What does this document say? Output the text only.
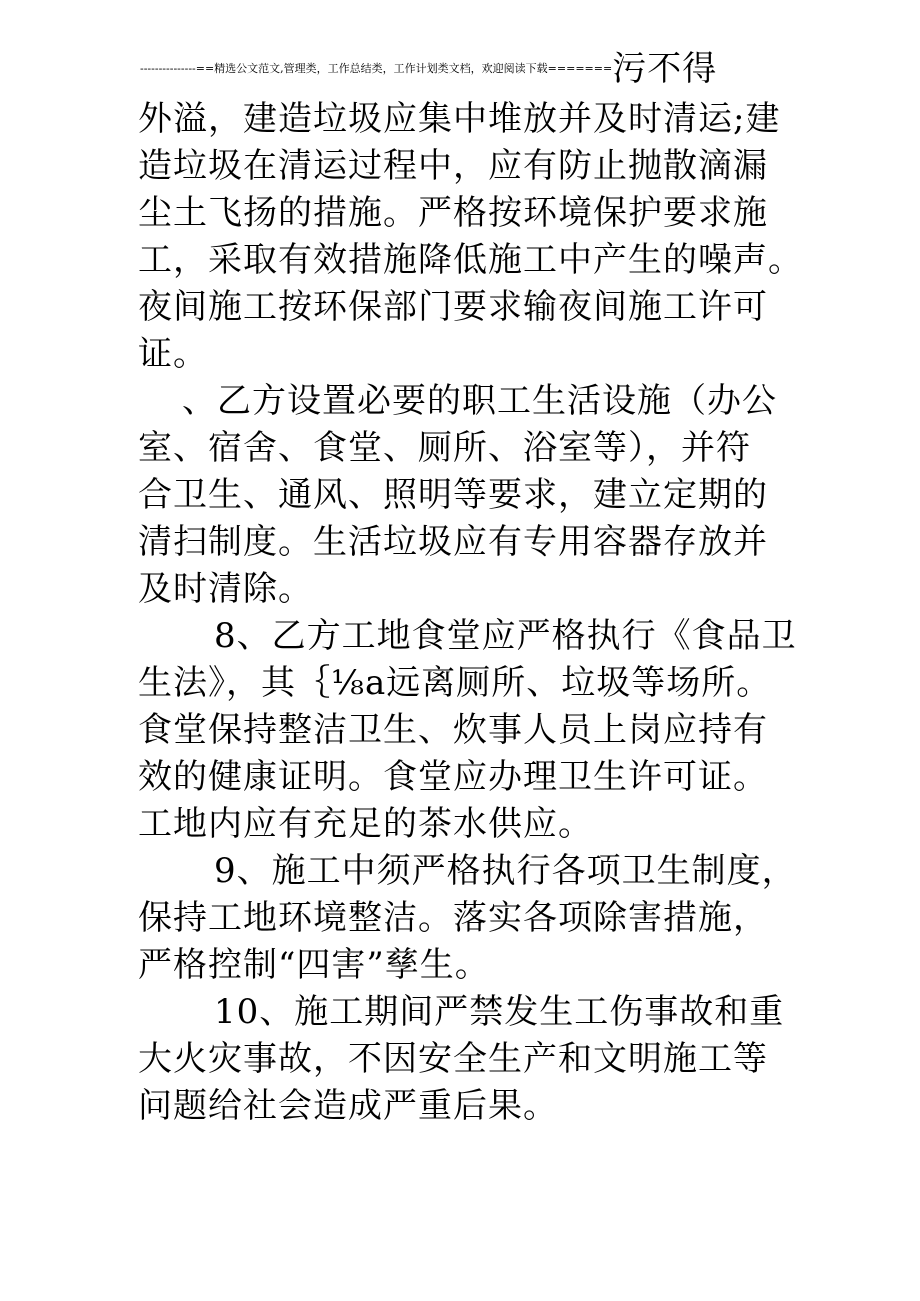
---------------==精选公文范文,管理类，工作总结类，工作计划类文档，欢迎阅读下载=======污不得
外溢，建造垃圾应集中堆放并及时清运;建
造垃圾在清运过程中，应有防止抛散滴漏
尘土飞扬的措施。严格按环境保护要求施
工，采取有效措施降低施工中产生的噪声。
夜间施工按环保部门要求输夜间施工许可
证。
、乙方设置必要的职工生活设施（办公
室、宿舍、食堂、厕所、浴室等），并符
合卫生、通风、照明等要求，建立定期的
清扫制度。生活垃圾应有专用容器存放并
及时清除。
8、乙方工地食堂应严格执行《食品卫
生法》，其｛⅛a远离厕所、垃圾等场所。
食堂保持整洁卫生、炊事人员上岗应持有
效的健康证明。食堂应办理卫生许可证。
工地内应有充足的茶水供应。
9、施工中须严格执行各项卫生制度，
保持工地环境整洁。落实各项除害措施，
严格控制“四害”孳生。
10、施工期间严禁发生工伤事故和重
大火灾事故，不因安全生产和文明施工等
问题给社会造成严重后果。
